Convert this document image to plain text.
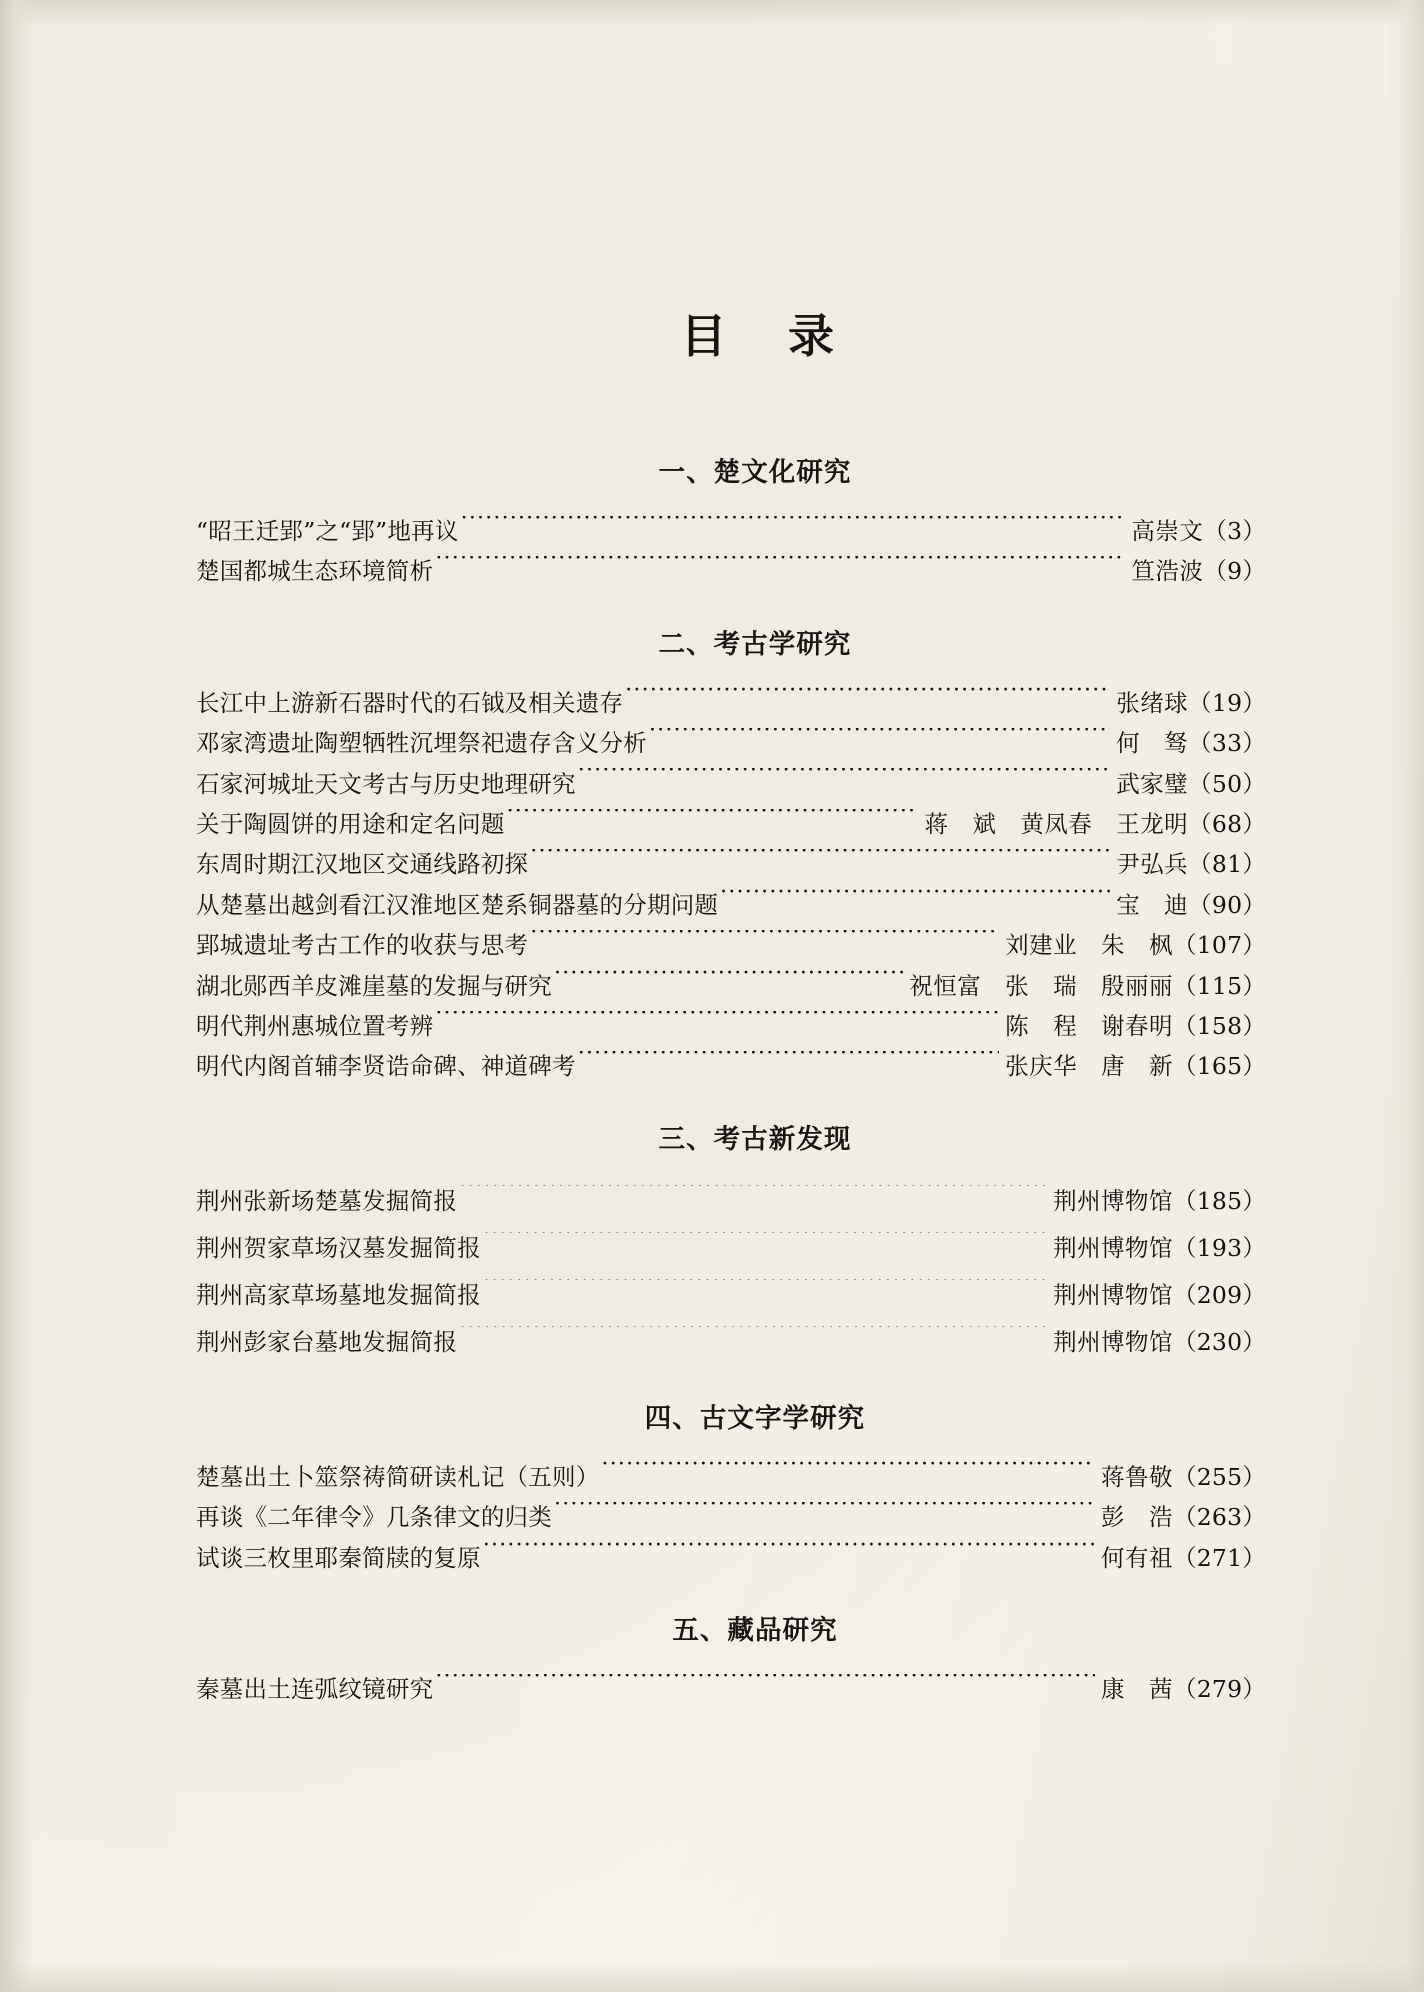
目 录
一、楚文化研究
“昭王迁郢”之“郢”地再议 ·····	高崇文 （3）
楚国都城生态环境简析 ·····	笪浩波 （9）
二、考古学研究
长江中上游新石器时代的石钺及相关遗存 ·····	张绪球 （19）
邓家湾遗址陶塑牺牲沉埋祭祀遗存含义分析 ·····	何　驽 （33）
石家河城址天文考古与历史地理研究 ·····	武家璧 （50）
关于陶圆饼的用途和定名问题 ·····	蒋　斌　黄凤春　王龙明 （68）
东周时期江汉地区交通线路初探 ·····	尹弘兵 （81）
从楚墓出越剑看江汉淮地区楚系铜器墓的分期问题 ·····	宝　迪 （90）
郢城遗址考古工作的收获与思考 ·····	刘建业　朱　枫 （107）
湖北郧西羊皮滩崖墓的发掘与研究 ·····	祝恒富　张　瑞　殷丽丽 （115）
明代荆州惠城位置考辨 ·····	陈　程　谢春明 （158）
明代内阁首辅李贤诰命碑、神道碑考 ·····	张庆华　唐　新 （165）
三、考古新发现
荆州张新场楚墓发掘简报 ·····	荆州博物馆 （185）
荆州贺家草场汉墓发掘简报 ·····	荆州博物馆 （193）
荆州高家草场墓地发掘简报 ·····	荆州博物馆 （209）
荆州彭家台墓地发掘简报 ·····	荆州博物馆 （230）
四、古文字学研究
楚墓出土卜筮祭祷简研读札记（五则） ·····	蒋鲁敬 （255）
再谈《二年律令》几条律文的归类 ·····	彭　浩 （263）
试谈三枚里耶秦简牍的复原 ·····	何有祖 （271）
五、藏品研究
秦墓出土连弧纹镜研究 ·····	康　茜 （279）
